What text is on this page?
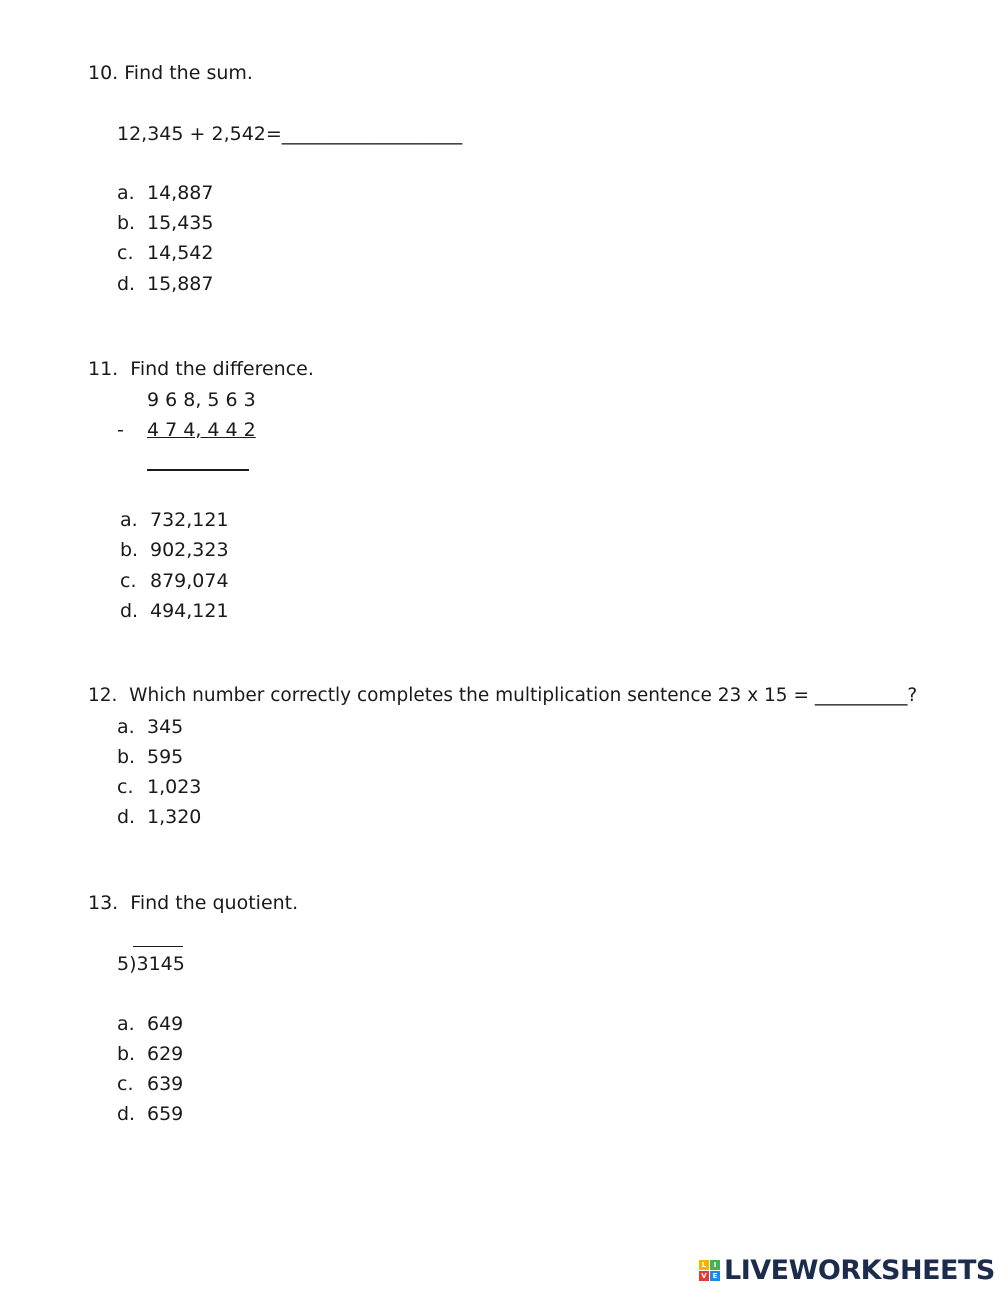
10. Find the sum.
12,345 + 2,542=___________________
a. 14,887
b. 15,435
c. 14,542
d. 15,887
11.  Find the difference.
9 6 8, 5 6 3
- 4 7 4, 4 4 2
a. 732,121
b. 902,323
c. 879,074
d. 494,121
12.  Which number correctly completes the multiplication sentence 23 x 15 = __________?
a. 345
b. 595
c. 1,023
d. 1,320
13.  Find the quotient.
5)3145
a. 649
b. 629
c. 639
d. 659
L	I
V E LIVEWORKSHEETS
